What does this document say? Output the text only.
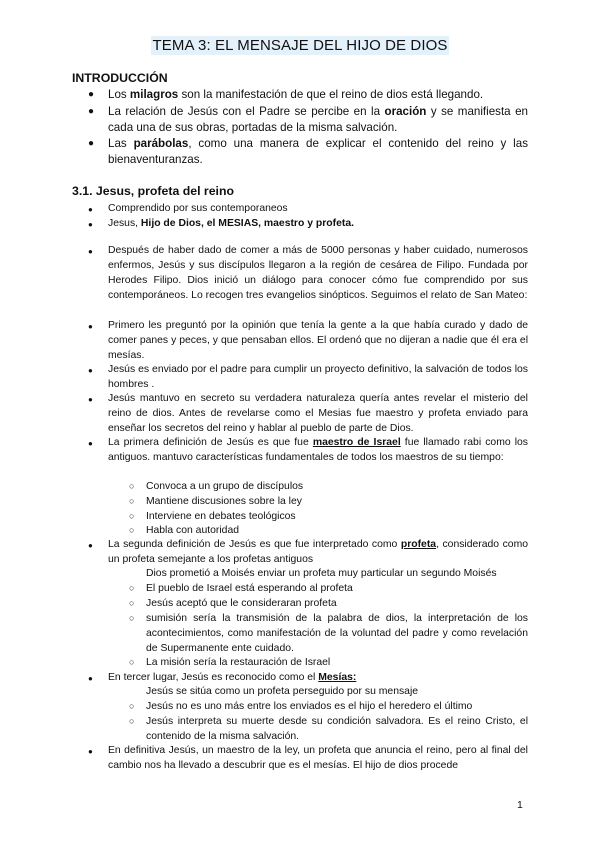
TEMA 3: EL MENSAJE DEL HIJO DE DIOS
INTRODUCCIÓN
● Los milagros son la manifestación de que el reino de dios está llegando.
● La relación de Jesús con el Padre se percibe en la oración y se manifiesta en cada una de sus obras, portadas de la misma salvación.
● Las parábolas, como una manera de explicar el contenido del reino y las bienaventuranzas.
3.1. Jesus, profeta del reino
● Comprendido por sus contemporaneos
● Jesus, Hijo de Dios, el MESIAS, maestro y profeta.
● Después de haber dado de comer a más de 5000 personas y haber cuidado, numerosos enfermos, Jesús y sus discípulos llegaron a la región de cesárea de Filipo. Fundada por Herodes Filipo. Dios inició un diálogo para conocer cómo fue comprendido por sus contemporáneos. Lo recogen tres evangelios sinópticos. Seguimos el relato de San Mateo:
● Primero les preguntó por la opinión que tenía la gente a la que había curado y dado de comer panes y peces, y que pensaban ellos. El ordenó que no dijeran a nadie que él era el mesías.
● Jesús es enviado por el padre para cumplir un proyecto definitivo, la salvación de todos los hombres .
● Jesús mantuvo en secreto su verdadera naturaleza quería antes revelar el misterio del reino de dios. Antes de revelarse como el Mesias fue maestro y profeta enviado para enseñar los secretos del reino y hablar al pueblo de parte de Dios.
● La primera definición de Jesús es que fue maestro de Israel fue llamado rabi como los antiguos. mantuvo características fundamentales de todos los maestros de su tiempo:
○ Convoca a un grupo de discípulos
○ Mantiene discusiones sobre la ley
○ Interviene en debates teológicos
○ Habla con autoridad
● La segunda definición de Jesús es que fue interpretado como profeta, considerado como un profeta semejante a los profetas antiguos
Dios prometió a Moisés enviar un profeta muy particular un segundo Moisés
○ El pueblo de Israel está esperando al profeta
○ Jesús aceptó que le consideraran profeta
○ sumisión sería la transmisión de la palabra de dios, la interpretación de los acontecimientos, como manifestación de la voluntad del padre y como revelación de Supermanente ente cuidado.
○ La misión sería la restauración de Israel
● En tercer lugar, Jesús es reconocido como el Mesías:
Jesús se sitúa como un profeta perseguido por su mensaje
○ Jesús no es uno más entre los enviados es el hijo el heredero el último
○ Jesús interpreta su muerte desde su condición salvadora. Es el reino Cristo, el contenido de la misma salvación.
● En definitiva Jesús, un maestro de la ley, un profeta que anuncia el reino, pero al final del cambio nos ha llevado a descubrir que es el mesías. El hijo de dios procede
1
